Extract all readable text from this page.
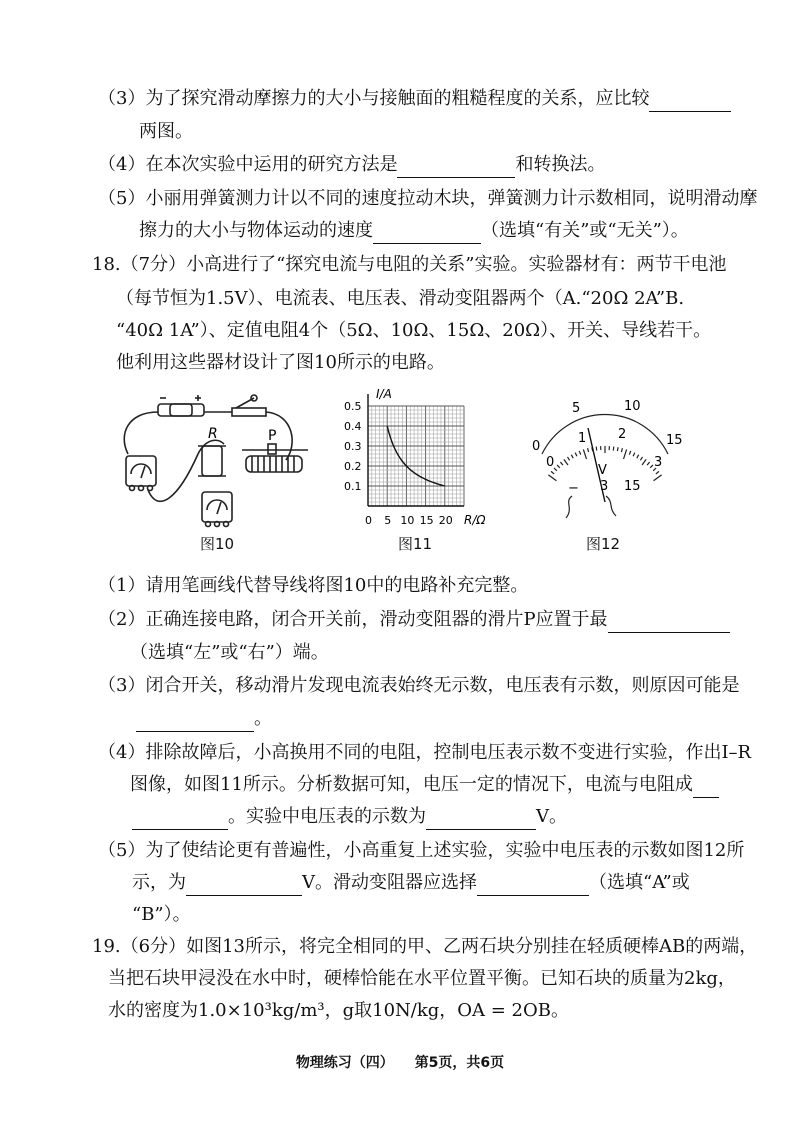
（3）为了探究滑动摩擦力的大小与接触面的粗糙程度的关系，应比较
两图。
（4）在本次实验中运用的研究方法是	和转换法。
（5）小丽用弹簧测力计以不同的速度拉动木块，弹簧测力计示数相同，说明滑动摩
擦力的大小与物体运动的速度	（选填“有关”或“无关”）。
18.（7分）小高进行了“探究电流与电阻的关系”实验。实验器材有：两节干电池
（每节恒为1.5V）、电流表、电压表、滑动变阻器两个（A.“20Ω 2A”B.
“40Ω 1A”）、定值电阻4个（5Ω、10Ω、15Ω、20Ω）、开关、导线若干。
他利用这些器材设计了图10所示的电路。
R	P
图10
I/A
R/Ω
0.1
0.2
0.3
0.4
0.5
0 5 10 15 20
图11
0
5	10
15
0
1 2
3
V
− 3 15
图12
（1）请用笔画线代替导线将图10中的电路补充完整。
（2）正确连接电路，闭合开关前，滑动变阻器的滑片P应置于最
（选填“左”或“右”）端。
（3）闭合开关，移动滑片发现电流表始终无示数，电压表有示数，则原因可能是
。
（4）排除故障后，小高换用不同的电阻，控制电压表示数不变进行实验，作出I–R
图像，如图11所示。分析数据可知，电压一定的情况下，电流与电阻成
。实验中电压表的示数为	V。
（5）为了使结论更有普遍性，小高重复上述实验，实验中电压表的示数如图12所
示，为	V。滑动变阻器应选择	（选填“A”或
“B”）。
19.（6分）如图13所示，将完全相同的甲、乙两石块分别挂在轻质硬棒AB的两端，
当把石块甲浸没在水中时，硬棒恰能在水平位置平衡。已知石块的质量为2kg，
水的密度为1.0×10³kg/m³，g取10N/kg，OA = 2OB。
物理练习（四） 第5页，共6页
